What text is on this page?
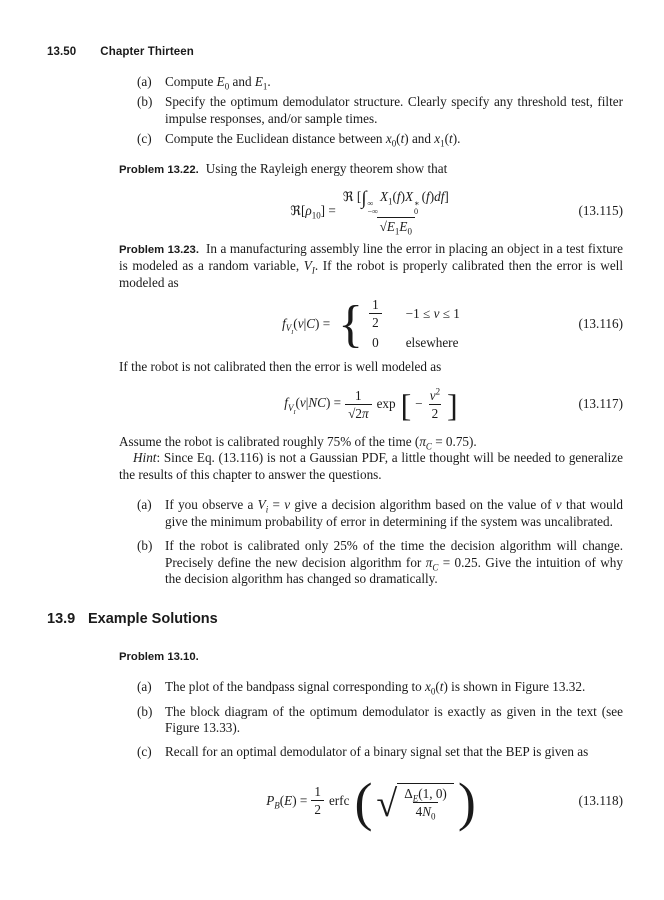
13.50 Chapter Thirteen
(a) Compute $E_0$ and $E_1$.
(b) Specify the optimum demodulator structure. Clearly specify any threshold test, filter impulse responses, and/or sample times.
(c) Compute the Euclidean distance between $x_0(t)$ and $x_1(t)$.

Problem 13.22. Using the Rayleigh energy theorem show that

$ℜ[\rho_{10}]$ = ℜ [∫ ∞
−∞
$X_1(f)X$ ∗
0
(f)df]
$√E_1E_0$	(13.115)

Problem 13.23. In a manufacturing assembly line the error in placing an object in a test fixture is modeled as a random variable, $V_I$. If the robot is properly calibrated then the error is well modeled as

$f_{V_I}(v|C)$ = { $\frac{1}{2} -1 \le v \le 1$
0 elsewhere
(13.116)

If the robot is not calibrated then the error is well modeled as

$f_{V_I}(v|NC) = \frac{1}{√2\pi}$ exp [ − $\frac{v^2}{2}$ ]	(13.117)

Assume the robot is calibrated roughly 75% of the time $(\pi_C = 0.75)$.

Hint: Since Eq. (13.116) is not a Gaussian PDF, a little thought will be needed to generalize the results of this chapter to answer the questions.

(a) If you observe a $V_i = v$ give a decision algorithm based on the value of v that would give the minimum probability of error in determining if the system was uncalibrated.
(b) If the robot is calibrated only 25% of the time the decision algorithm will change. Precisely define the new decision algorithm for $\pi_C = 0.25$. Give the intuition of why the decision algorithm has changed so dramatically.
13.9 Example Solutions

Problem 13.10.

(a) The plot of the bandpass signal corresponding to $x_0(t)$ is shown in Figure 13.32.
(b) The block diagram of the optimum demodulator is exactly as given in the text (see Figure 13.33).
(c) Recall for an optimal demodulator of a binary signal set that the BEP is given as
$P_B(E) = \frac{1}{2}$ erfc ( √ $\frac{\Delta_E(1, 0)}{4N_0}$ )	(13.118)
